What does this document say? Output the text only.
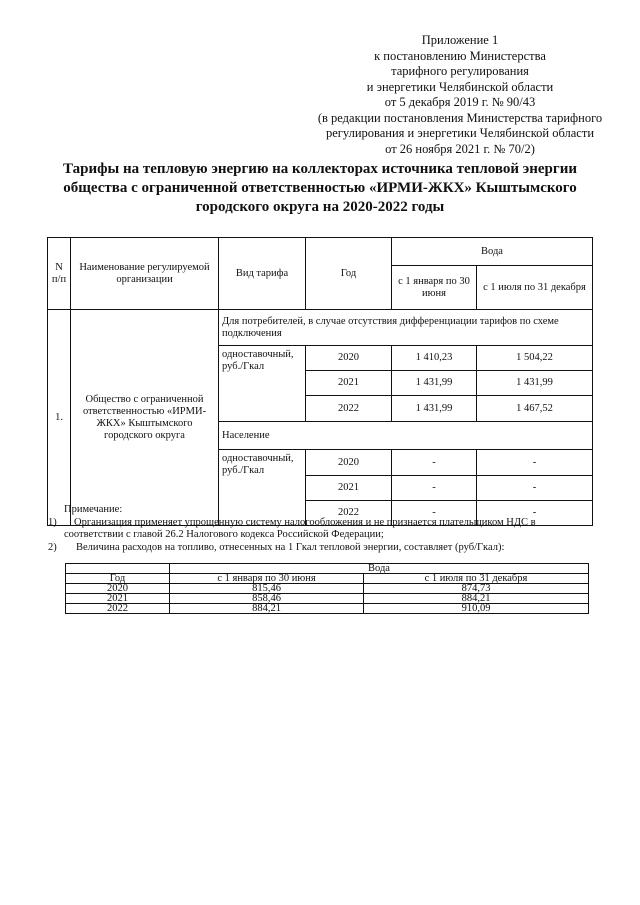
Приложение 1
к постановлению Министерства
тарифного регулирования
и энергетики Челябинской области
от 5 декабря 2019 г. № 90/43
(в редакции постановления Министерства тарифного
регулирования и энергетики Челябинской области
от 26 ноября 2021 г. № 70/2)
Тарифы на тепловую энергию на коллекторах источника тепловой энергии общества с ограниченной ответственностью «ИРМИ-ЖКХ» Кыштымского городского округа на 2020-2022 годы
N п/п	Наименование регулируемой организации	Вид тарифа	Год	Вода	
				с 1 января по 30 июня	с 1 июля по 31 декабря
1.	Общество с ограниченной ответственностью «ИРМИ-ЖКХ» Кыштымского городского округа	Для потребителей, в случае отсутствия дифференциации тарифов по схеме подключения			
		одноставочный, руб./Гкал	2020	1 410,23	1 504,22
			2021	1 431,99	1 431,99
			2022	1 431,99	1 467,52
		Население			
		одноставочный, руб./Гкал	2020	-	-
			2021	-	-
			2022	-	-
Примечание:
1) Организация применяет упрощенную систему налогообложения и не признается плательщиком НДС в соответствии с главой 26.2 Налогового кодекса Российской Федерации;
2) Величина расходов на топливо, отнесенных на 1 Гкал тепловой энергии, составляет (руб/Гкал):
	Вода	
Год	с 1 января по 30 июня	с 1 июля по 31 декабря
2020	815,46	874,73
2021	858,46	884,21
2022	884,21	910,09
